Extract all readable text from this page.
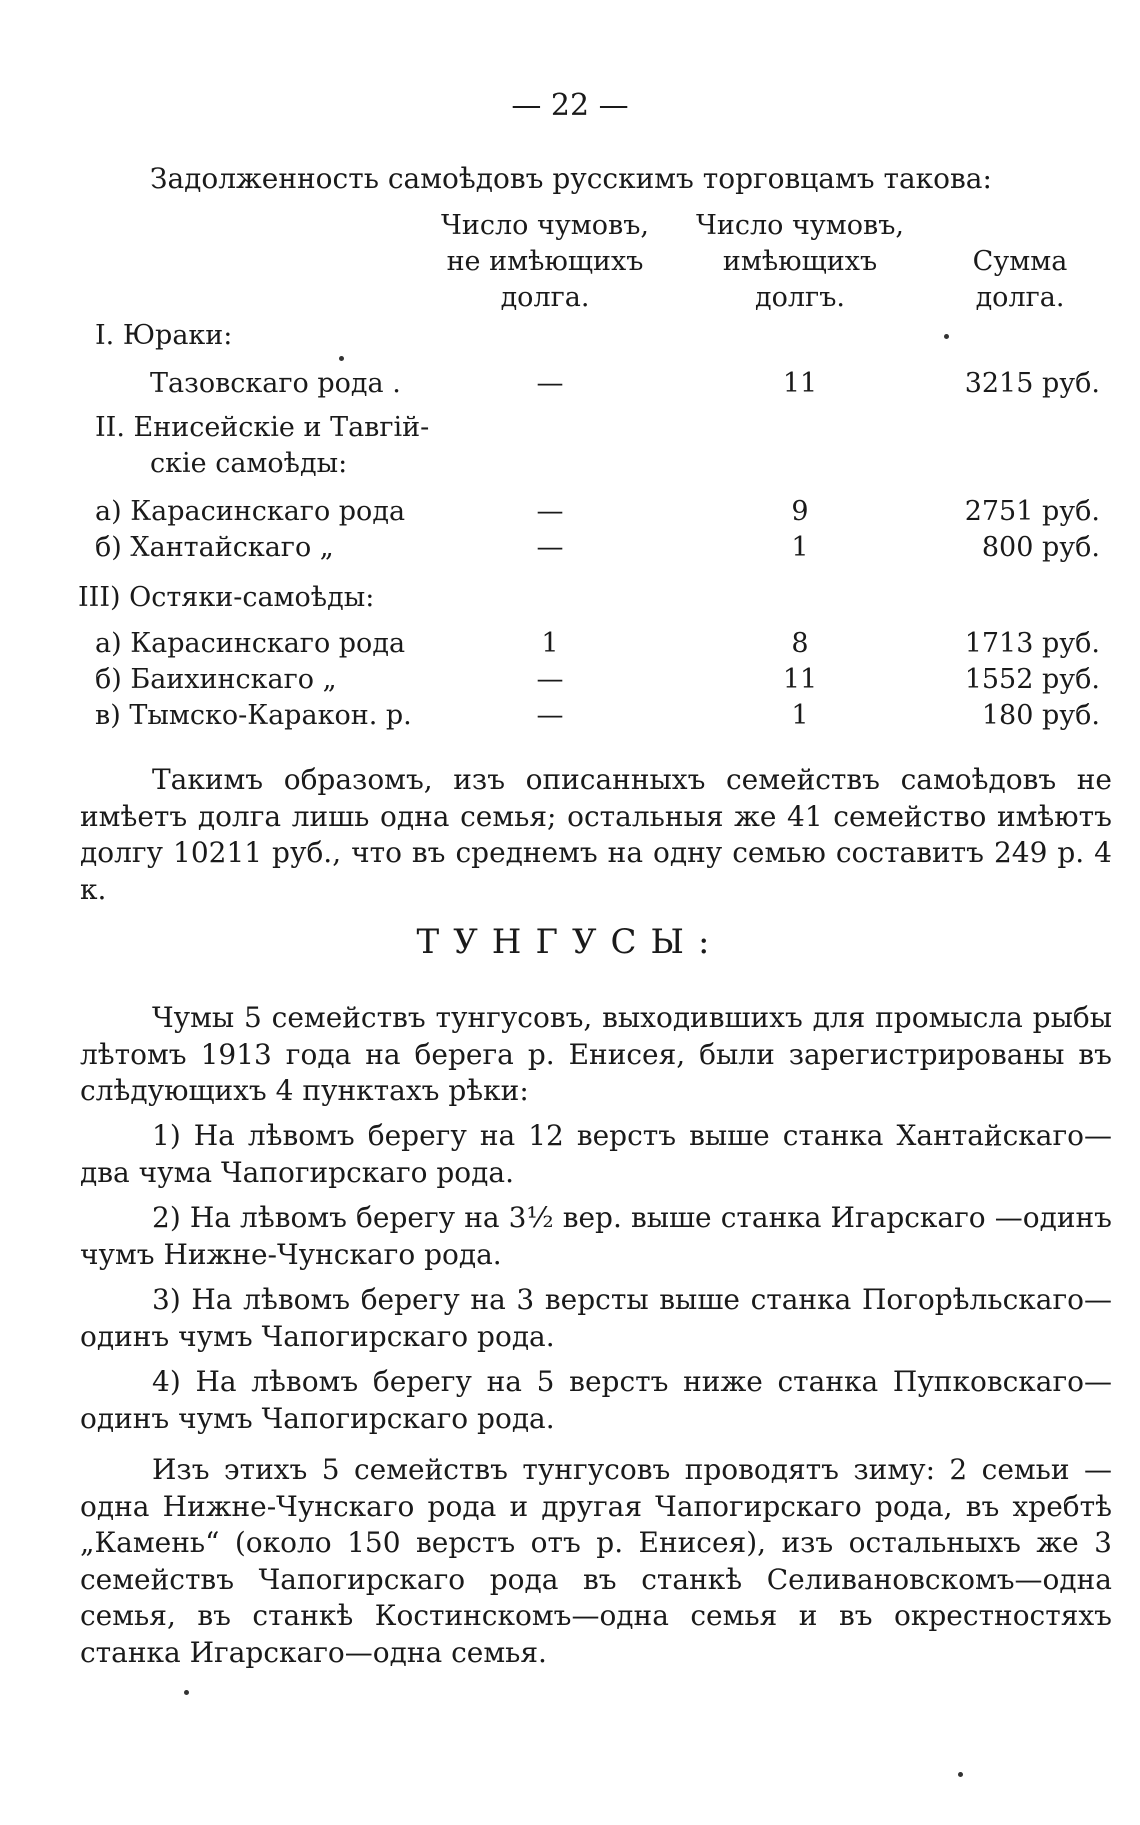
— 22 —
Задолженность самоѣдовъ русскимъ торговцамъ такова:
Число чумовъ,
не имѣющихъ
долга.
Число чумовъ,
имѣющихъ
долгъ.
Сумма
долга.
I. Юраки:
Тазовскаго рода .	—	11	3215 руб.
II. Енисейскіе и Тавгій-
скіе самоѣды:
а) Карасинскаго рода	—	9	2751 руб.
б) Хантайскаго „	—	1	800 руб.
III) Остяки-самоѣды:
а) Карасинскаго рода	1	8	1713 руб.
б) Баихинскаго „	—	11	1552 руб.
в) Тымско-Каракон. р.	—	1	180 руб.
Такимъ образомъ, изъ описанныхъ семействъ самоѣдовъ не имѣетъ долга лишь одна семья; остальныя же 41 семейство имѣютъ долгу 10211 руб., что въ среднемъ на одну семью составитъ 249 р. 4 к.
ТУНГУСЫ:
Чумы 5 семействъ тунгусовъ, выходившихъ для промысла рыбы лѣтомъ 1913 года на берега р. Енисея, были зарегистрированы въ слѣдующихъ 4 пунктахъ рѣки:
1) На лѣвомъ берегу на 12 верстъ выше станка Хантайскаго—два чума Чапогирскаго рода.
2) На лѣвомъ берегу на 3½ вер. выше станка Игарскаго —одинъ чумъ Нижне-Чунскаго рода.
3) На лѣвомъ берегу на 3 версты выше станка Погорѣльскаго—одинъ чумъ Чапогирскаго рода.
4) На лѣвомъ берегу на 5 верстъ ниже станка Пупковскаго—одинъ чумъ Чапогирскаго рода.
Изъ этихъ 5 семействъ тунгусовъ проводятъ зиму: 2 семьи —одна Нижне-Чунскаго рода и другая Чапогирскаго рода, въ хребтѣ „Камень“ (около 150 верстъ отъ р. Енисея), изъ остальныхъ же 3 семействъ Чапогирскаго рода въ станкѣ Селивановскомъ—одна семья, въ станкѣ Костинскомъ—одна семья и въ окрестностяхъ станка Игарскаго—одна семья.
